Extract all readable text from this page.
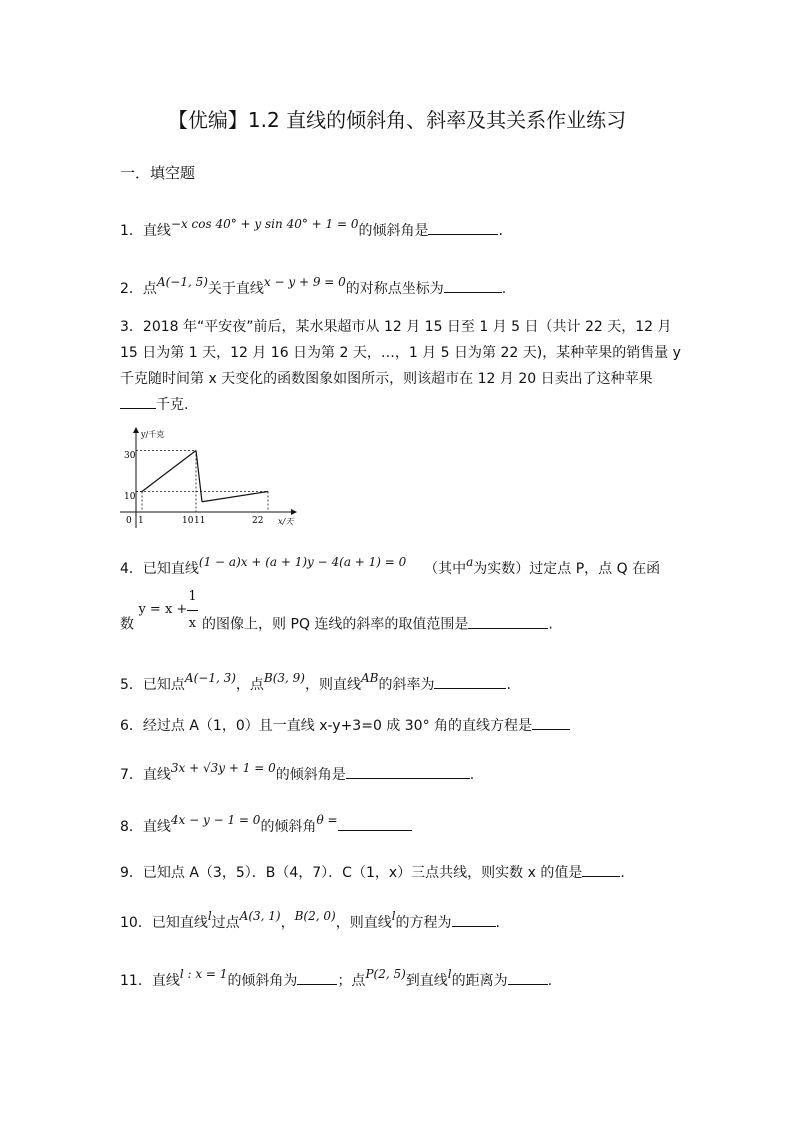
【优编】1.2 直线的倾斜角、斜率及其关系作业练习
一．填空题
1．直线−x cos 40° + y sin 40° + 1 = 0的倾斜角是	.
2．点A(−1, 5)关于直线x − y + 9 = 0的对称点坐标为	.
3．2018 年“平安夜”前后，某水果超市从 12 月 15 日至 1 月 5 日（共计 22 天，12 月
15 日为第 1 天，12 月 16 日为第 2 天，…，1 月 5 日为第 22 天)，某种苹果的销售量 y
千克随时间第 x 天变化的函数图象如图所示，则该超市在 12 月 20 日卖出了这种苹果
千克.
y/千克
x/天
0
30
10
1	10 11	22
4．已知直线(1 − a)x + (a + 1)y − 4(a + 1) = 0 （其中a为实数）过定点 P，点 Q 在函
数 $y = x + \frac{1}{x}$ 的图像上，则 PQ 连线的斜率的取值范围是	.
5．已知点A(−1, 3)，点B(3, 9)，则直线AB的斜率为	.
6．经过点 A（1，0）且一直线 x-y+3=0 成 30° 角的直线方程是
7．直线3x + √3y + 1 = 0的倾斜角是	.
8．直线4x − y − 1 = 0的倾斜角θ =
9．已知点 A（3，5）．B（4，7）．C（1，x）三点共线，则实数 x 的值是	.
10．已知直线l过点A(3, 1)，B(2, 0)，则直线l的方程为	.
11．直线l : x = 1的倾斜角为	；点P(2, 5)到直线l的距离为	.
